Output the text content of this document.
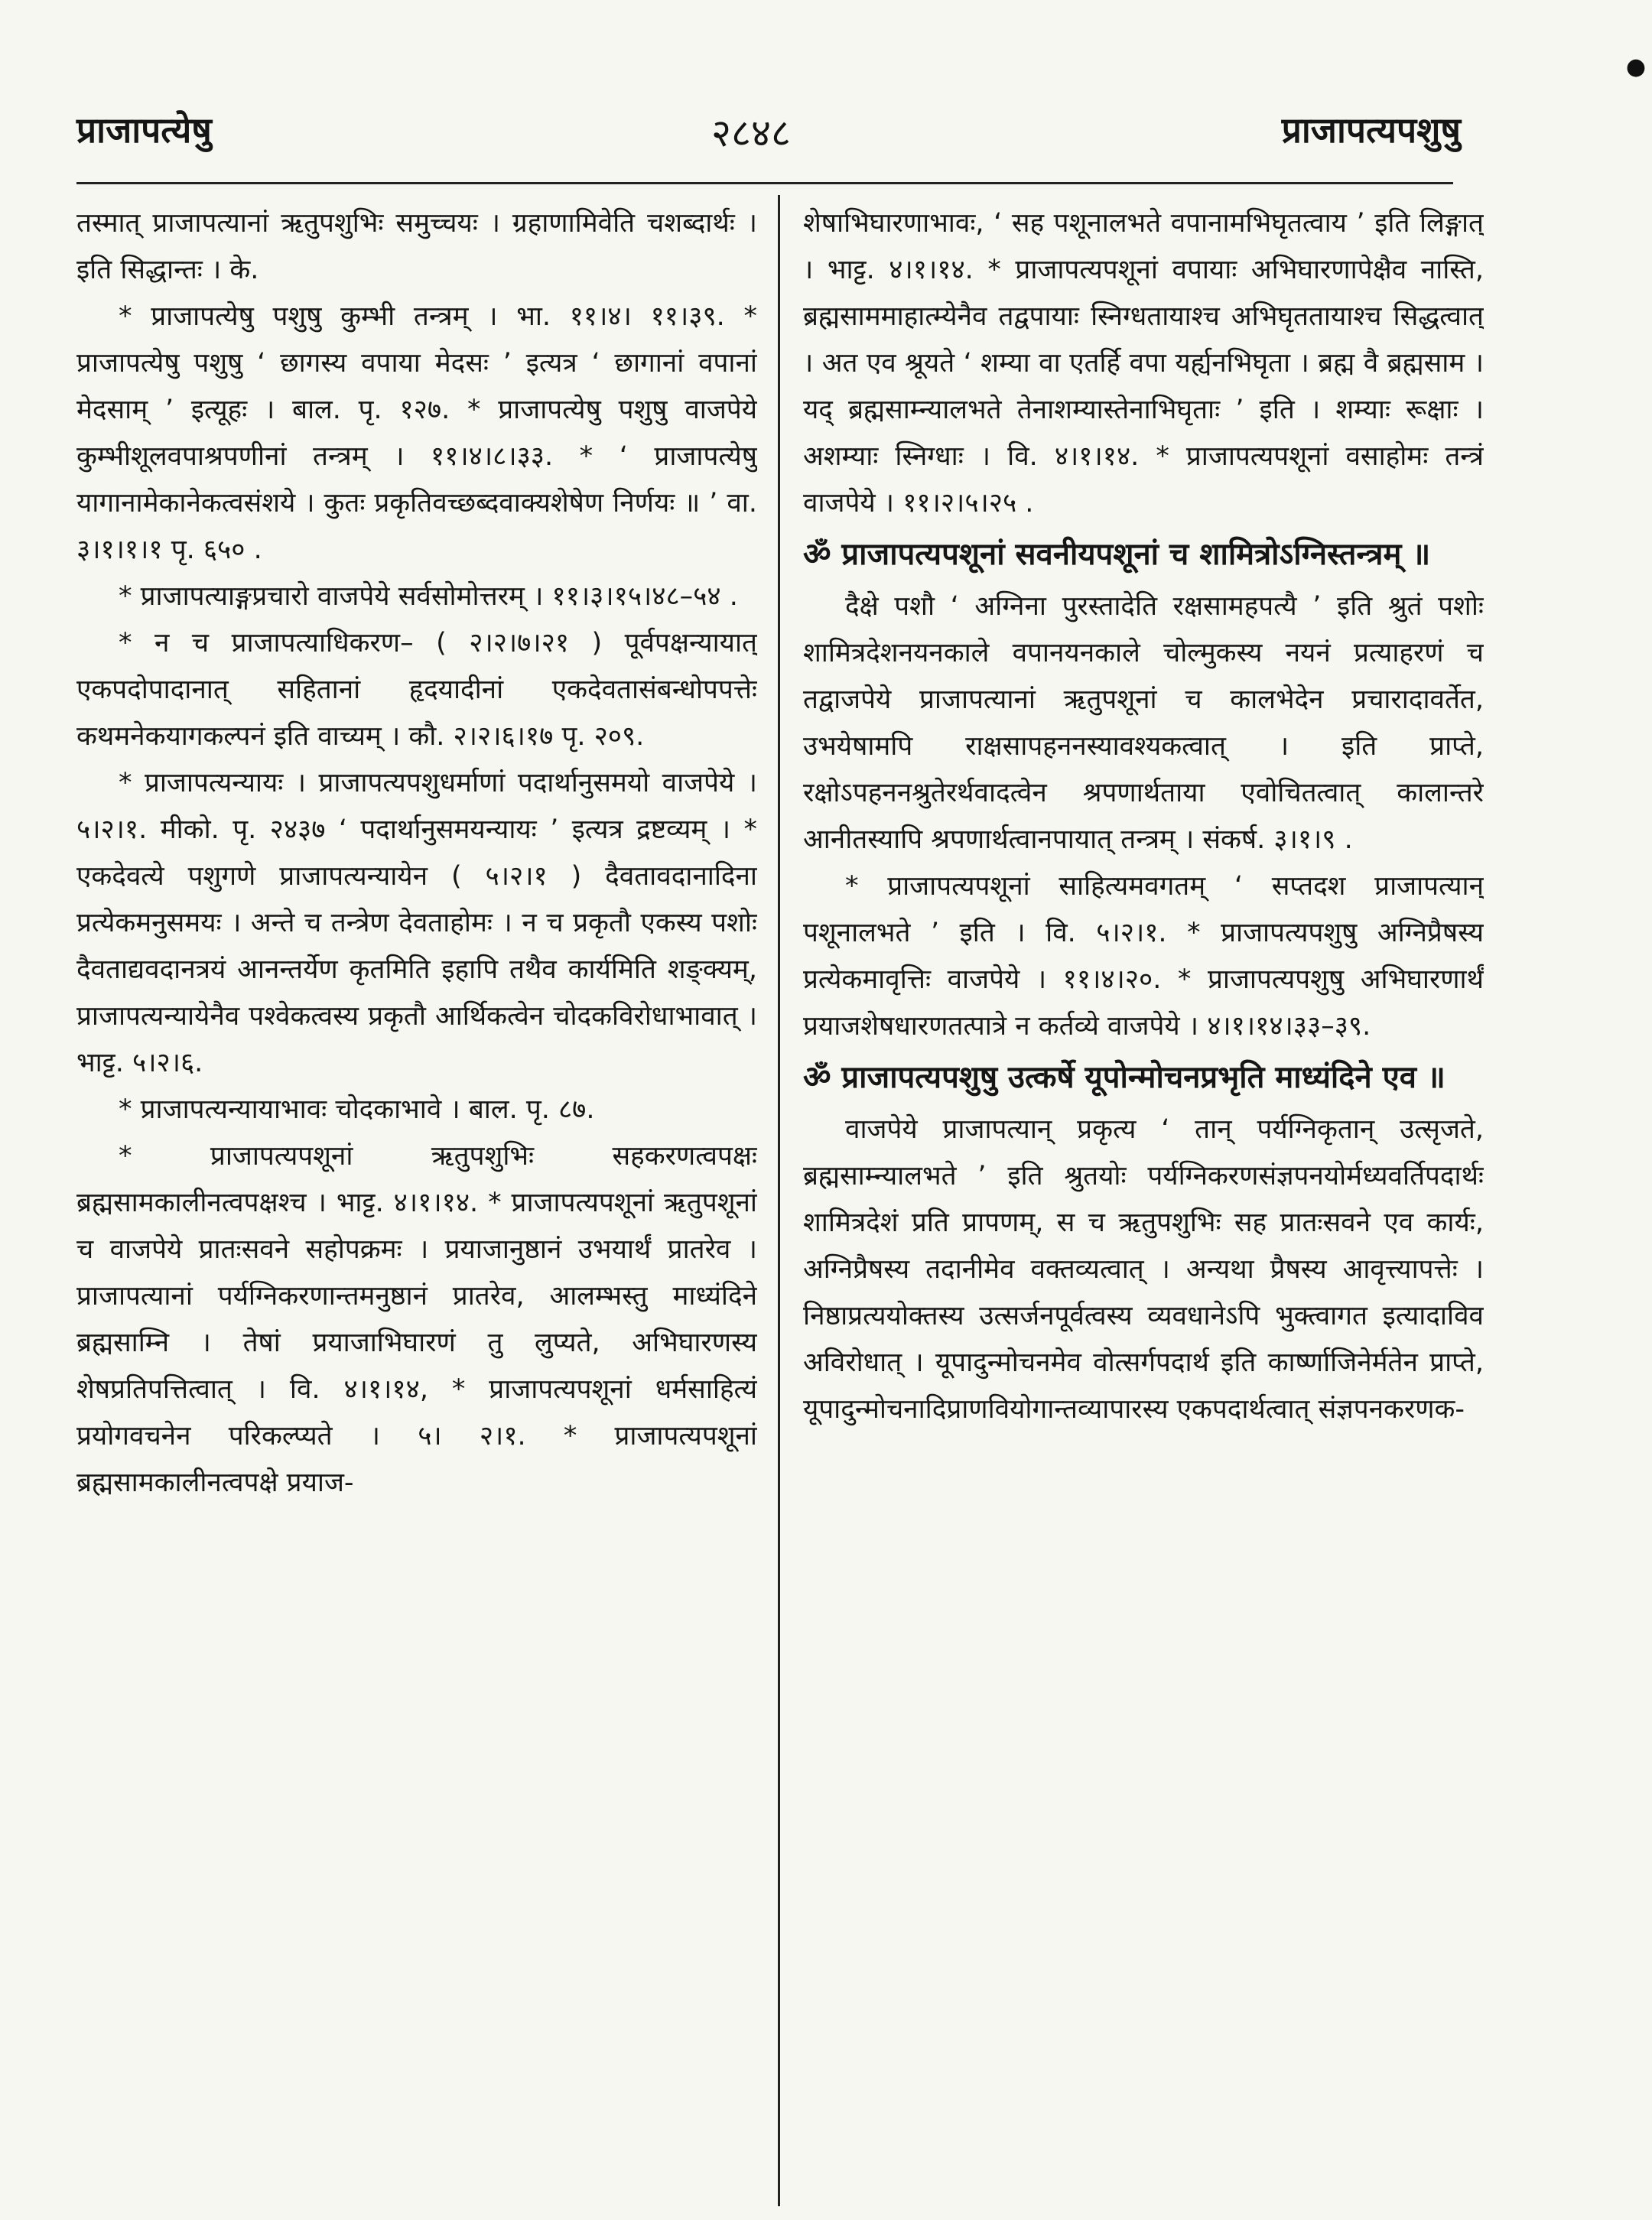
प्राजापत्येषु	२८४८	प्राजापत्यपशुषु

तस्मात् प्राजापत्यानां ऋतुपशुभिः समुच्चयः । ग्रहाणामिवेति चशब्दार्थः । इति सिद्धान्तः । के.

* प्राजापत्येषु पशुषु कुम्भी तन्त्रम् । भा. ११।४। ११।३९. * प्राजापत्येषु पशुषु ‘ छागस्य वपाया मेदसः ’ इत्यत्र ‘ छागानां वपानां मेदसाम् ’ इत्यूहः । बाल. पृ. १२७. * प्राजापत्येषु पशुषु वाजपेये कुम्भीशूलवपाश्रपणीनां तन्त्रम् । ११।४।८।३३. * ‘ प्राजापत्येषु यागानामेकानेकत्वसंशये । कुतः प्रकृतिवच्छब्दवाक्यशेषेण निर्णयः ॥ ’ वा. ३।१।१।१ पृ. ६५० .

* प्राजापत्याङ्गप्रचारो वाजपेये सर्वसोमोत्तरम् । ११।३।१५।४८–५४ .

* न च प्राजापत्याधिकरण– ( २।२।७।२१ ) पूर्वपक्षन्यायात् एकपदोपादानात् सहितानां हृदयादीनां एकदेवतासंबन्धोपपत्तेः कथमनेकयागकल्पनं इति वाच्यम् । कौ. २।२।६।१७ पृ. २०९.

* प्राजापत्यन्यायः । प्राजापत्यपशुधर्माणां पदार्थानुसमयो वाजपेये । ५।२।१. मीको. पृ. २४३७ ‘ पदार्थानुसमयन्यायः ’ इत्यत्र द्रष्टव्यम् । * एकदेवत्ये पशुगणे प्राजापत्यन्यायेन ( ५।२।१ ) दैवतावदानादिना प्रत्येकमनुसमयः । अन्ते च तन्त्रेण देवताहोमः । न च प्रकृतौ एकस्य पशोः दैवताद्यवदानत्रयं आनन्तर्येण कृतमिति इहापि तथैव कार्यमिति शङ्क्यम्, प्राजापत्यन्यायेनैव पश्वेकत्वस्य प्रकृतौ आर्थिकत्वेन चोदकविरोधाभावात् । भाट्ट. ५।२।६.

* प्राजापत्यन्यायाभावः चोदकाभावे । बाल. पृ. ८७.

* प्राजापत्यपशूनां ऋतुपशुभिः सहकरणत्वपक्षः ब्रह्मसामकालीनत्वपक्षश्च । भाट्ट. ४।१।१४. * प्राजापत्यपशूनां ऋतुपशूनां च वाजपेये प्रातःसवने सहोपक्रमः । प्रयाजानुष्ठानं उभयार्थं प्रातरेव । प्राजापत्यानां पर्यग्निकरणान्तमनुष्ठानं प्रातरेव, आलम्भस्तु माध्यंदिने ब्रह्मसाम्नि । तेषां प्रयाजाभिघारणं तु लुप्यते, अभिघारणस्य शेषप्रतिपत्तित्वात् । वि. ४।१।१४, * प्राजापत्यपशूनां धर्मसाहित्यं प्रयोगवचनेन परिकल्प्यते । ५। २।१. * प्राजापत्यपशूनां ब्रह्मसामकालीनत्वपक्षे प्रयाज-

शेषाभिघारणाभावः, ‘ सह पशूनालभते वपानामभिघृतत्वाय ’ इति लिङ्गात् । भाट्ट. ४।१।१४. * प्राजापत्यपशूनां वपायाः अभिघारणापेक्षैव नास्ति, ब्रह्मसाममाहात्म्येनैव तद्वपायाः स्निग्धतायाश्च अभिघृततायाश्च सिद्धत्वात् । अत एव श्रूयते ‘ शम्या वा एतर्हि वपा यर्ह्यनभिघृता । ब्रह्म वै ब्रह्मसाम । यद् ब्रह्मसाम्न्यालभते तेनाशम्यास्तेनाभिघृताः ’ इति । शम्याः रूक्षाः । अशम्याः स्निग्धाः । वि. ४।१।१४. * प्राजापत्यपशूनां वसाहोमः तन्त्रं वाजपेये । ११।२।५।२५ .

ॐ प्राजापत्यपशूनां सवनीयपशूनां च शामित्रोऽग्निस्तन्त्रम् ॥

दैक्षे पशौ ‘ अग्निना पुरस्तादेति रक्षसामहपत्यै ’ इति श्रुतं पशोः शामित्रदेशनयनकाले वपानयनकाले चोल्मुकस्य नयनं प्रत्याहरणं च तद्वाजपेये प्राजापत्यानां ऋतुपशूनां च कालभेदेन प्रचारादावर्तेत, उभयेषामपि राक्षसापहननस्यावश्यकत्वात् । इति प्राप्ते, रक्षोऽपहननश्रुतेरर्थवादत्वेन श्रपणार्थताया एवोचितत्वात् कालान्तरे आनीतस्यापि श्रपणार्थत्वानपायात् तन्त्रम् । संकर्ष. ३।१।९ .

* प्राजापत्यपशूनां साहित्यमवगतम् ‘ सप्तदश प्राजापत्यान् पशूनालभते ’ इति । वि. ५।२।१. * प्राजापत्यपशुषु अग्निप्रैषस्य प्रत्येकमावृत्तिः वाजपेये । ११।४।२०. * प्राजापत्यपशुषु अभिघारणार्थं प्रयाजशेषधारणतत्पात्रे न कर्तव्ये वाजपेये । ४।१।१४।३३–३९.

ॐ प्राजापत्यपशुषु उत्कर्षे यूपोन्मोचनप्रभृति माध्यंदिने एव ॥

वाजपेये प्राजापत्यान् प्रकृत्य ‘ तान् पर्यग्निकृतान् उत्सृजते, ब्रह्मसाम्न्यालभते ’ इति श्रुतयोः पर्यग्निकरणसंज्ञपनयोर्मध्यवर्तिपदार्थः शामित्रदेशं प्रति प्रापणम्, स च ऋतुपशुभिः सह प्रातःसवने एव कार्यः, अग्निप्रैषस्य तदानीमेव वक्तव्यत्वात् । अन्यथा प्रैषस्य आवृत्त्यापत्तेः । निष्ठाप्रत्ययोक्तस्य उत्सर्जनपूर्वत्वस्य व्यवधानेऽपि भुक्त्वागत इत्यादाविव अविरोधात् । यूपादुन्मोचनमेव वोत्सर्गपदार्थ इति कार्ष्णाजिनेर्मतेन प्राप्ते, यूपादुन्मोचनादिप्राणवियोगान्तव्यापारस्य एकपदार्थत्वात् संज्ञपनकरणक-

●
